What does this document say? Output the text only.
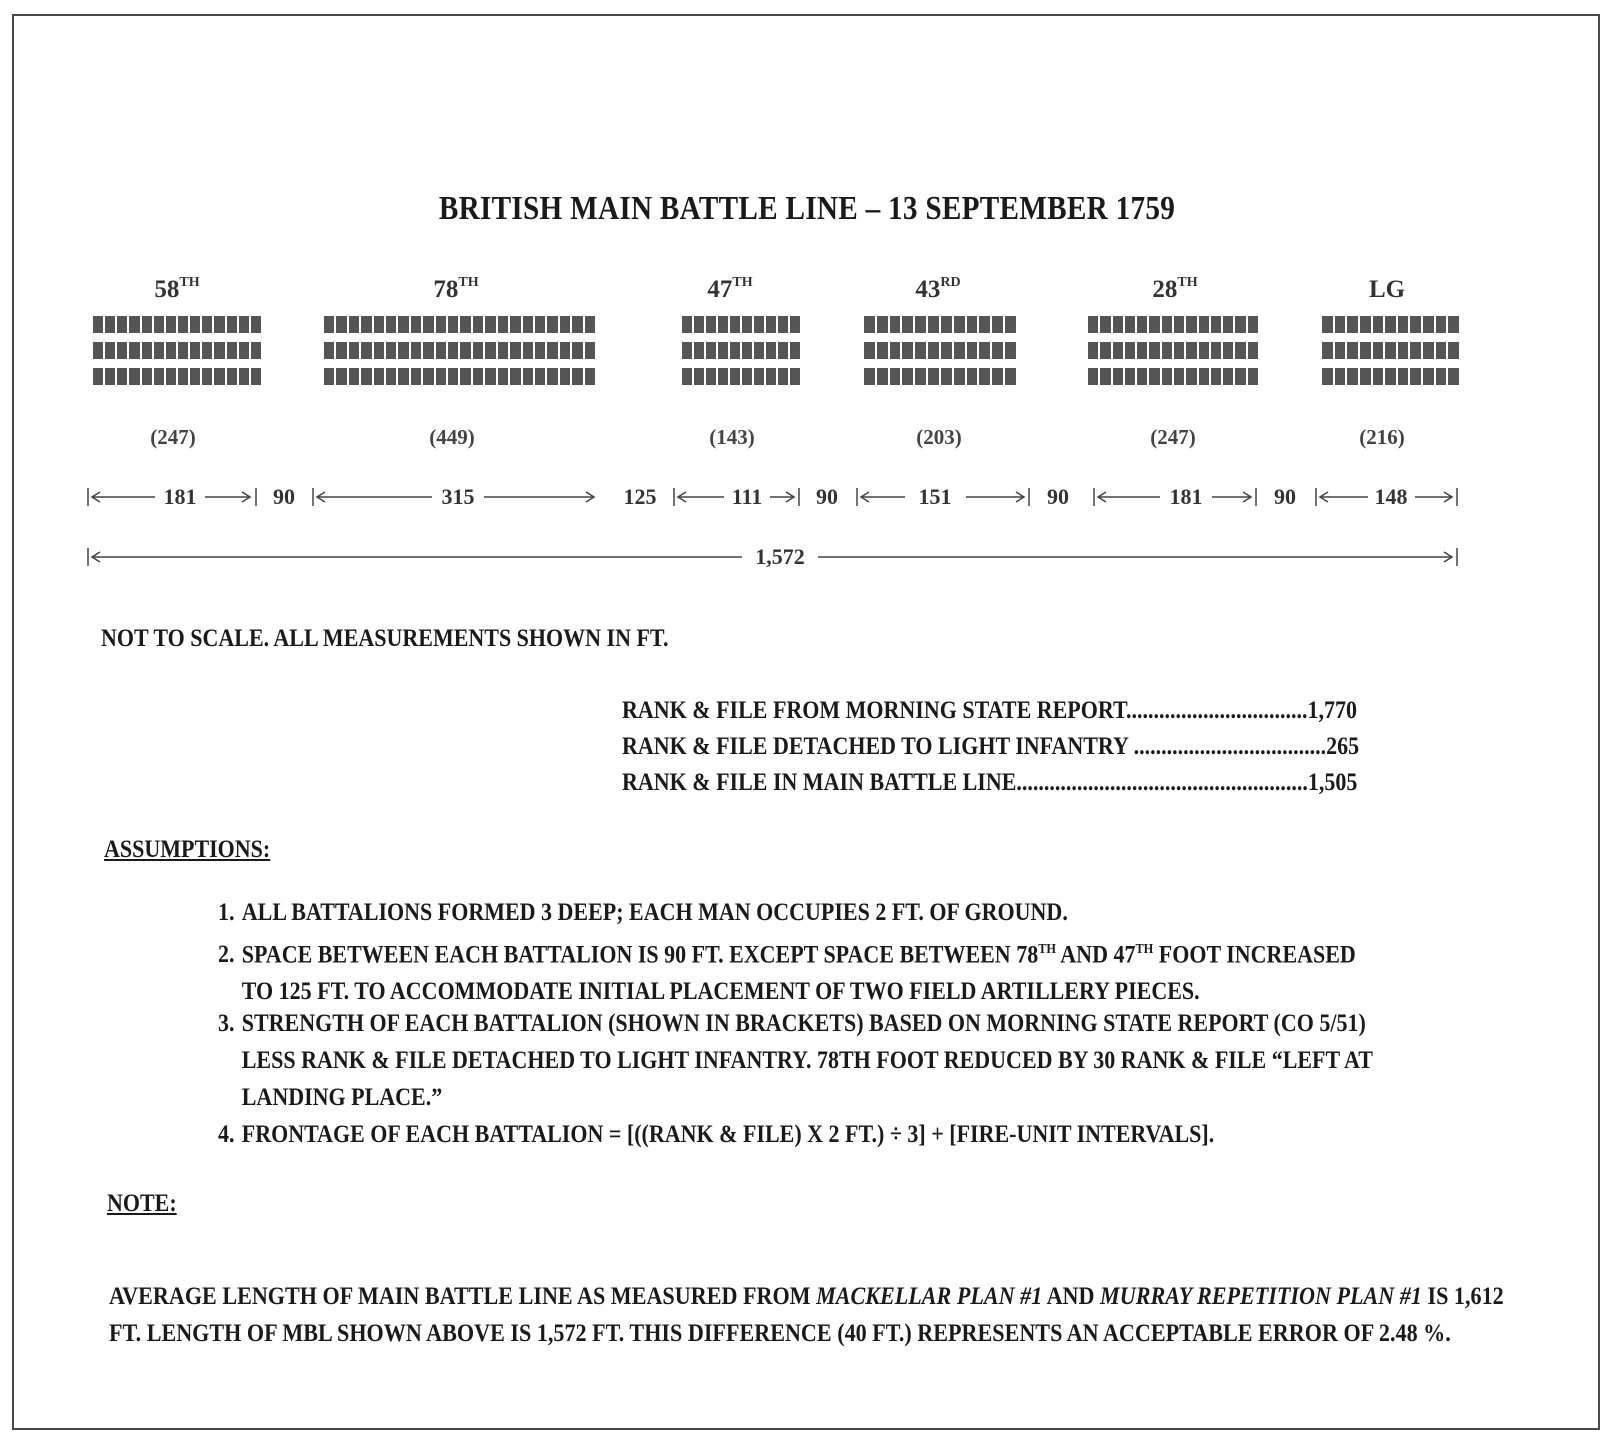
BRITISH MAIN BATTLE LINE – 13 SEPTEMBER 1759
58TH	78TH	47TH	43RD	28TH	LG
(247)	(449)	(143)	(203)	(247)	(216)
181	90	315	125	111 90	151	90	181	90	148
1,572
NOT TO SCALE. ALL MEASUREMENTS SHOWN IN FT.
RANK & FILE FROM MORNING STATE REPORT.................................1,770
RANK & FILE DETACHED TO LIGHT INFANTRY ...................................265
RANK & FILE IN MAIN BATTLE LINE.....................................................1,505
ASSUMPTIONS:
1. ALL BATTALIONS FORMED 3 DEEP; EACH MAN OCCUPIES 2 FT. OF GROUND.
2. SPACE BETWEEN EACH BATTALION IS 90 FT. EXCEPT SPACE BETWEEN 78TH AND 47TH FOOT INCREASED
TO 125 FT. TO ACCOMMODATE INITIAL PLACEMENT OF TWO FIELD ARTILLERY PIECES.
3. STRENGTH OF EACH BATTALION (SHOWN IN BRACKETS) BASED ON MORNING STATE REPORT (CO 5/51)
LESS RANK & FILE DETACHED TO LIGHT INFANTRY. 78TH FOOT REDUCED BY 30 RANK & FILE “LEFT AT
LANDING PLACE.”
4. FRONTAGE OF EACH BATTALION = [((RANK & FILE) X 2 FT.) ÷ 3] + [FIRE-UNIT INTERVALS].
NOTE:
AVERAGE LENGTH OF MAIN BATTLE LINE AS MEASURED FROM MACKELLAR PLAN #1 AND MURRAY REPETITION PLAN #1 IS 1,612 FT. LENGTH OF MBL SHOWN ABOVE IS 1,572 FT. THIS DIFFERENCE (40 FT.) REPRESENTS AN ACCEPTABLE ERROR OF 2.48 %.
